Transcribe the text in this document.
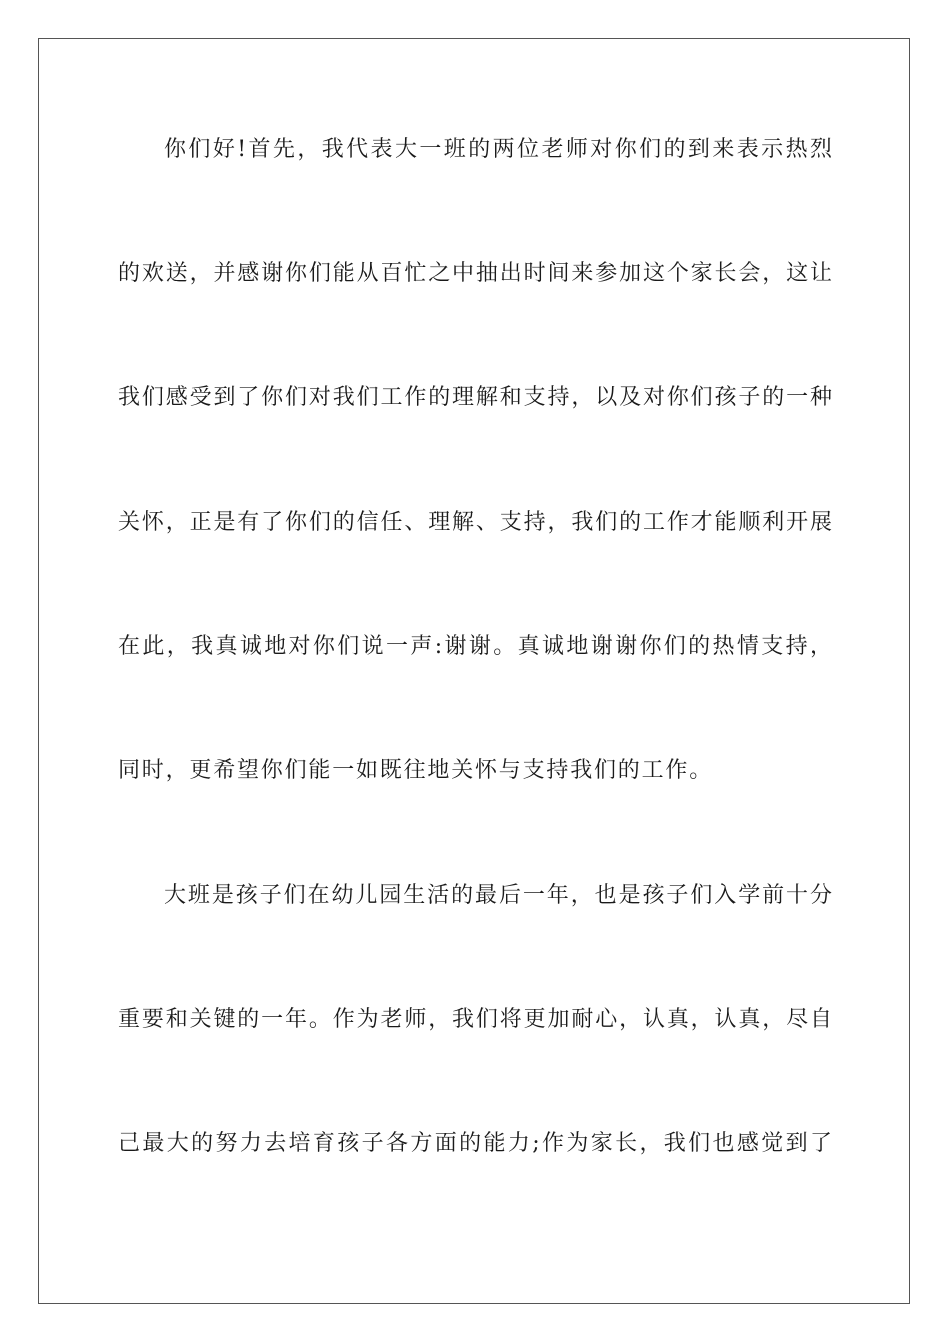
你们好!首先，我代表大一班的两位老师对你们的到来表示热烈

的欢送，并感谢你们能从百忙之中抽出时间来参加这个家长会，这让

我们感受到了你们对我们工作的理解和支持，以及对你们孩子的一种

关怀，正是有了你们的信任、理解、支持，我们的工作才能顺利开展

在此，我真诚地对你们说一声:谢谢。真诚地谢谢你们的热情支持，

同时，更希望你们能一如既往地关怀与支持我们的工作。

大班是孩子们在幼儿园生活的最后一年，也是孩子们入学前十分

重要和关键的一年。作为老师，我们将更加耐心，认真，认真，尽自

己最大的努力去培育孩子各方面的能力;作为家长，我们也感觉到了
